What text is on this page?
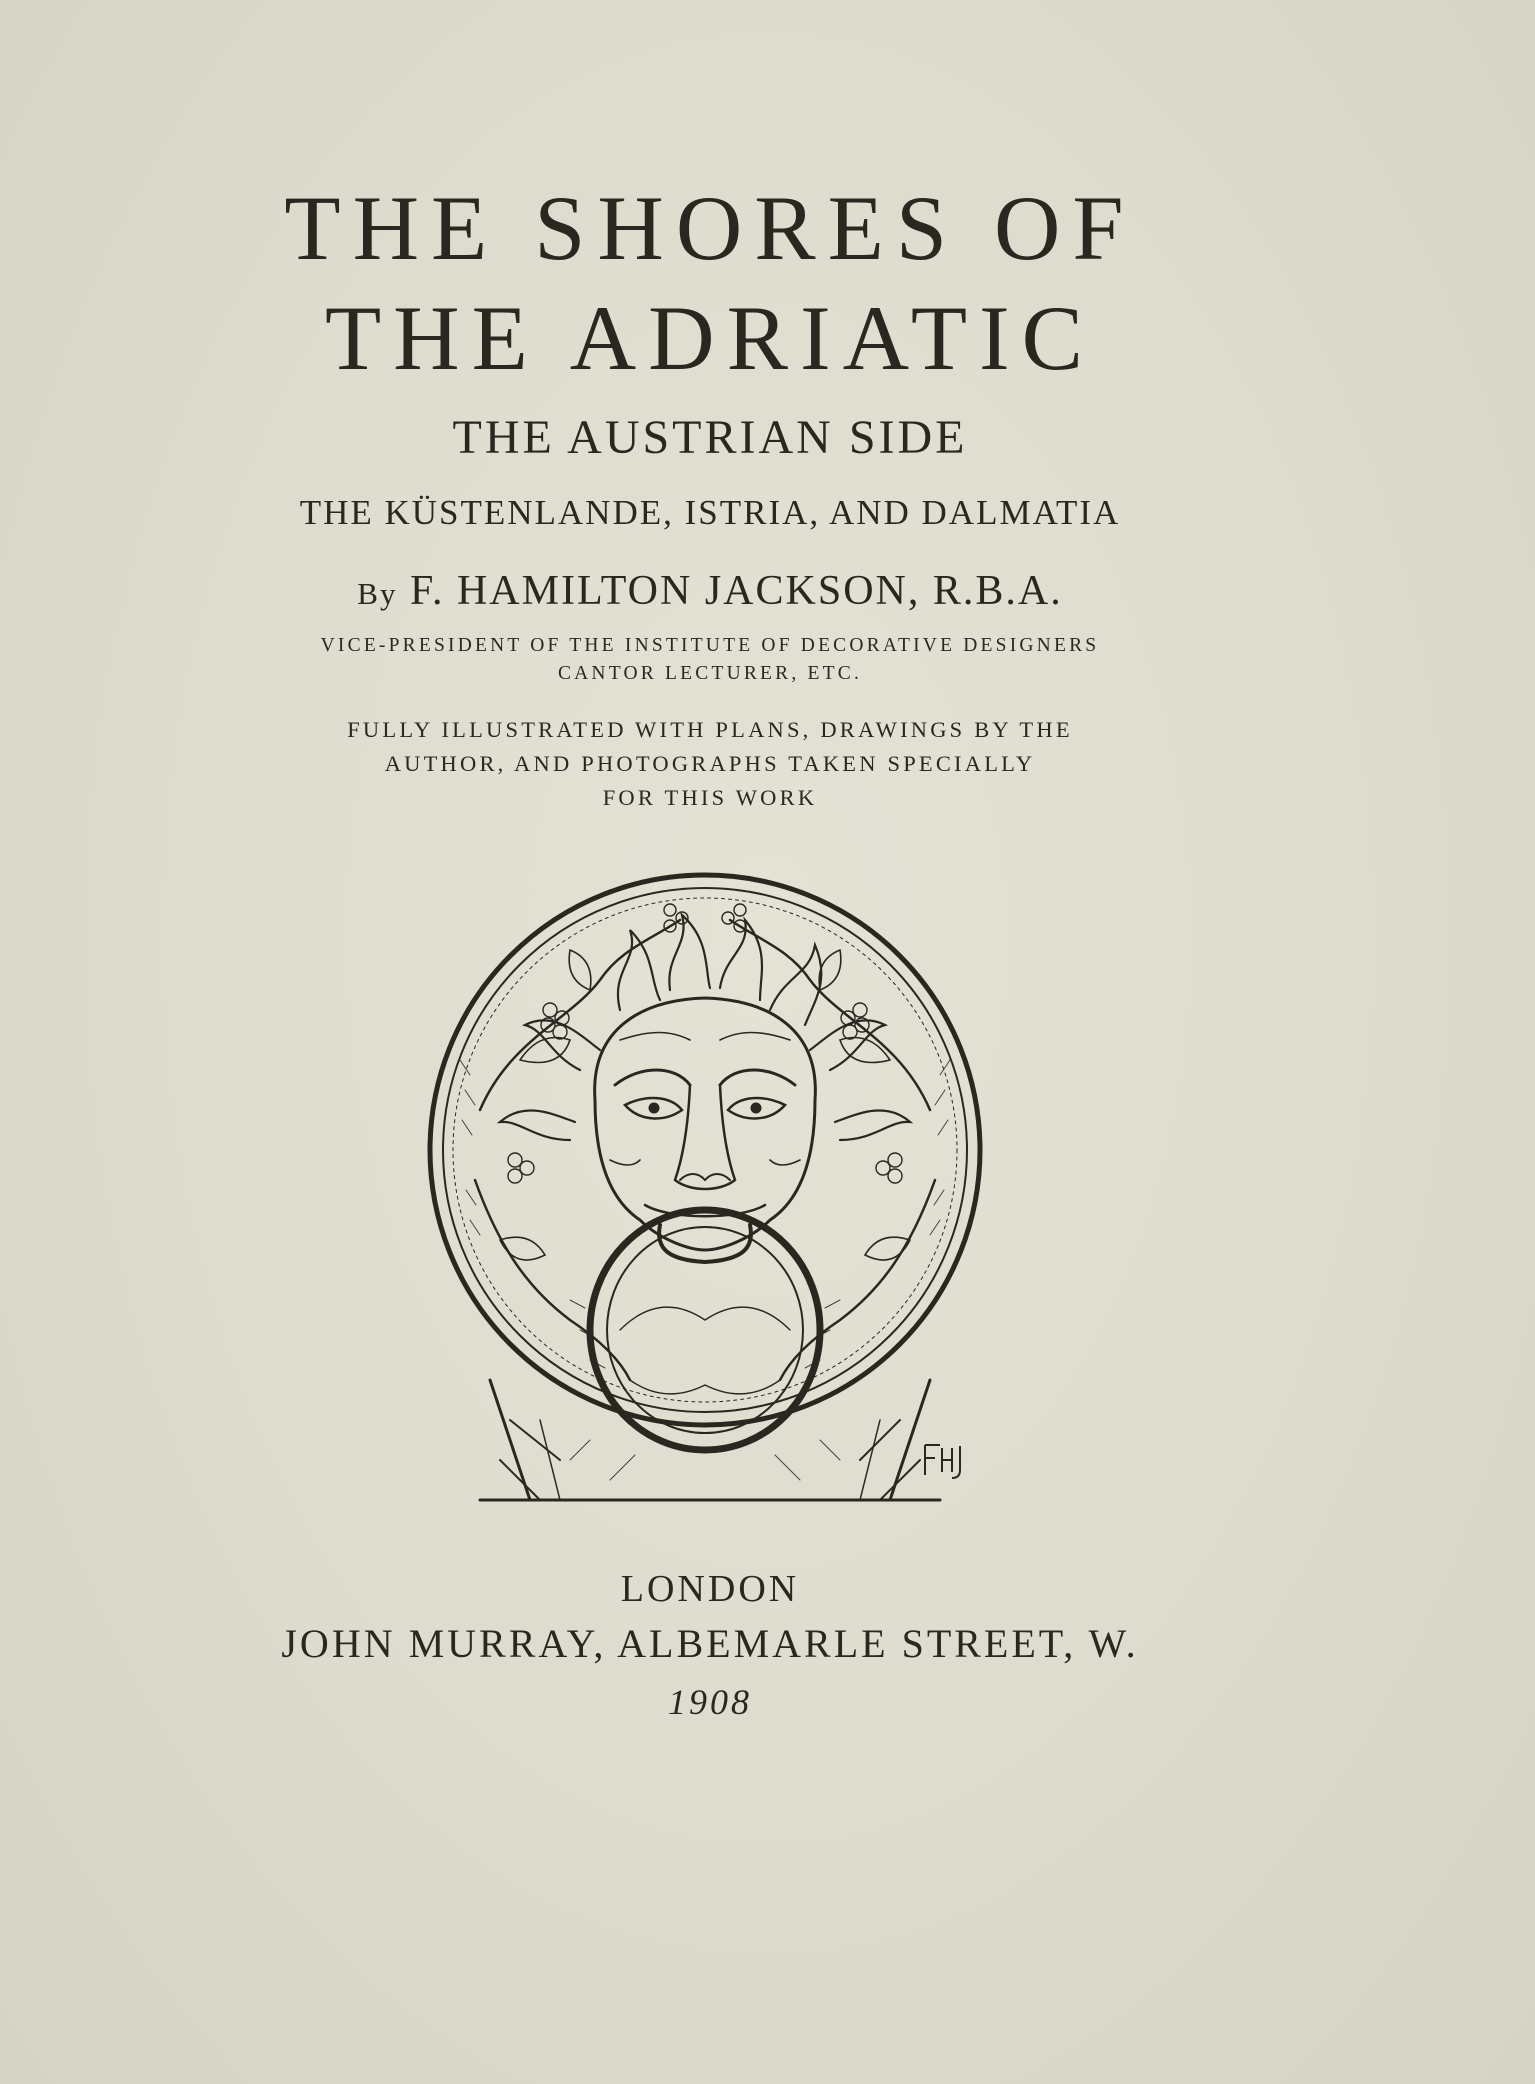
THE SHORES OF
THE ADRIATIC
THE AUSTRIAN SIDE
THE KÜSTENLANDE, ISTRIA, AND DALMATIA
By F. HAMILTON JACKSON, R.B.A.
VICE-PRESIDENT OF THE INSTITUTE OF DECORATIVE DESIGNERS
CANTOR LECTURER, ETC.
FULLY ILLUSTRATED WITH PLANS, DRAWINGS BY THE
AUTHOR, AND PHOTOGRAPHS TAKEN SPECIALLY
FOR THIS WORK
LONDON
JOHN MURRAY, ALBEMARLE STREET, W.
1908
